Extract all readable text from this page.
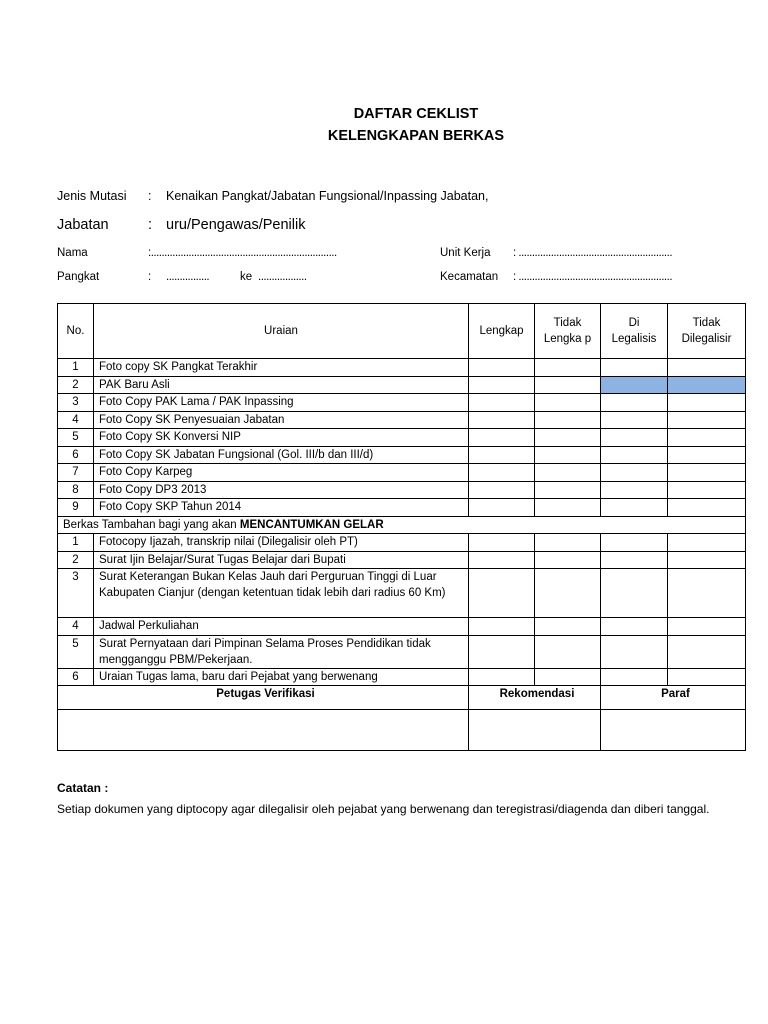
DAFTAR CEKLIST
KELENGKAPAN BERKAS
Jenis Mutasi : Kenaikan Pangkat/Jabatan Fungsional/Inpassing Jabatan,
Jabatan	: uru/Pengawas/Penilik
Nama	:.....................................................................	Unit Kerja : .........................................................
Pangkat	: ................	ke ..................	Kecamatan : .........................................................
No.	Uraian	Lengkap	Tidak Lengka p	Di Legalisis	Tidak Dilegalisir
1	Foto copy SK Pangkat Terakhir				
2	PAK Baru Asli				
3	Foto Copy PAK Lama / PAK Inpassing				
4	Foto Copy SK Penyesuaian Jabatan				
5	Foto Copy SK Konversi NIP				
6	Foto Copy SK Jabatan Fungsional (Gol. III/b dan III/d)				
7	Foto Copy Karpeg				
8	Foto Copy DP3 2013				
9	Foto Copy SKP Tahun 2014				
Berkas Tambahan bagi yang akan MENCANTUMKAN GELAR					
1	Fotocopy Ijazah, transkrip nilai (Dilegalisir oleh PT)				
2	Surat Ijin Belajar/Surat Tugas Belajar dari Bupati				
3	Surat Keterangan Bukan Kelas Jauh dari Perguruan Tinggi di Luar Kabupaten Cianjur (dengan ketentuan tidak lebih dari radius 60 Km)				
4	Jadwal Perkuliahan				
5	Surat Pernyataan dari Pimpinan Selama Proses Pendidikan tidak mengganggu PBM/Pekerjaan.				
6	Uraian Tugas lama, baru dari Pejabat yang berwenang				
Petugas Verifikasi		Rekomendasi		Paraf	

Catatan :
Setiap dokumen yang diptocopy agar dilegalisir oleh pejabat yang berwenang dan teregistrasi/diagenda dan diberi tanggal.
